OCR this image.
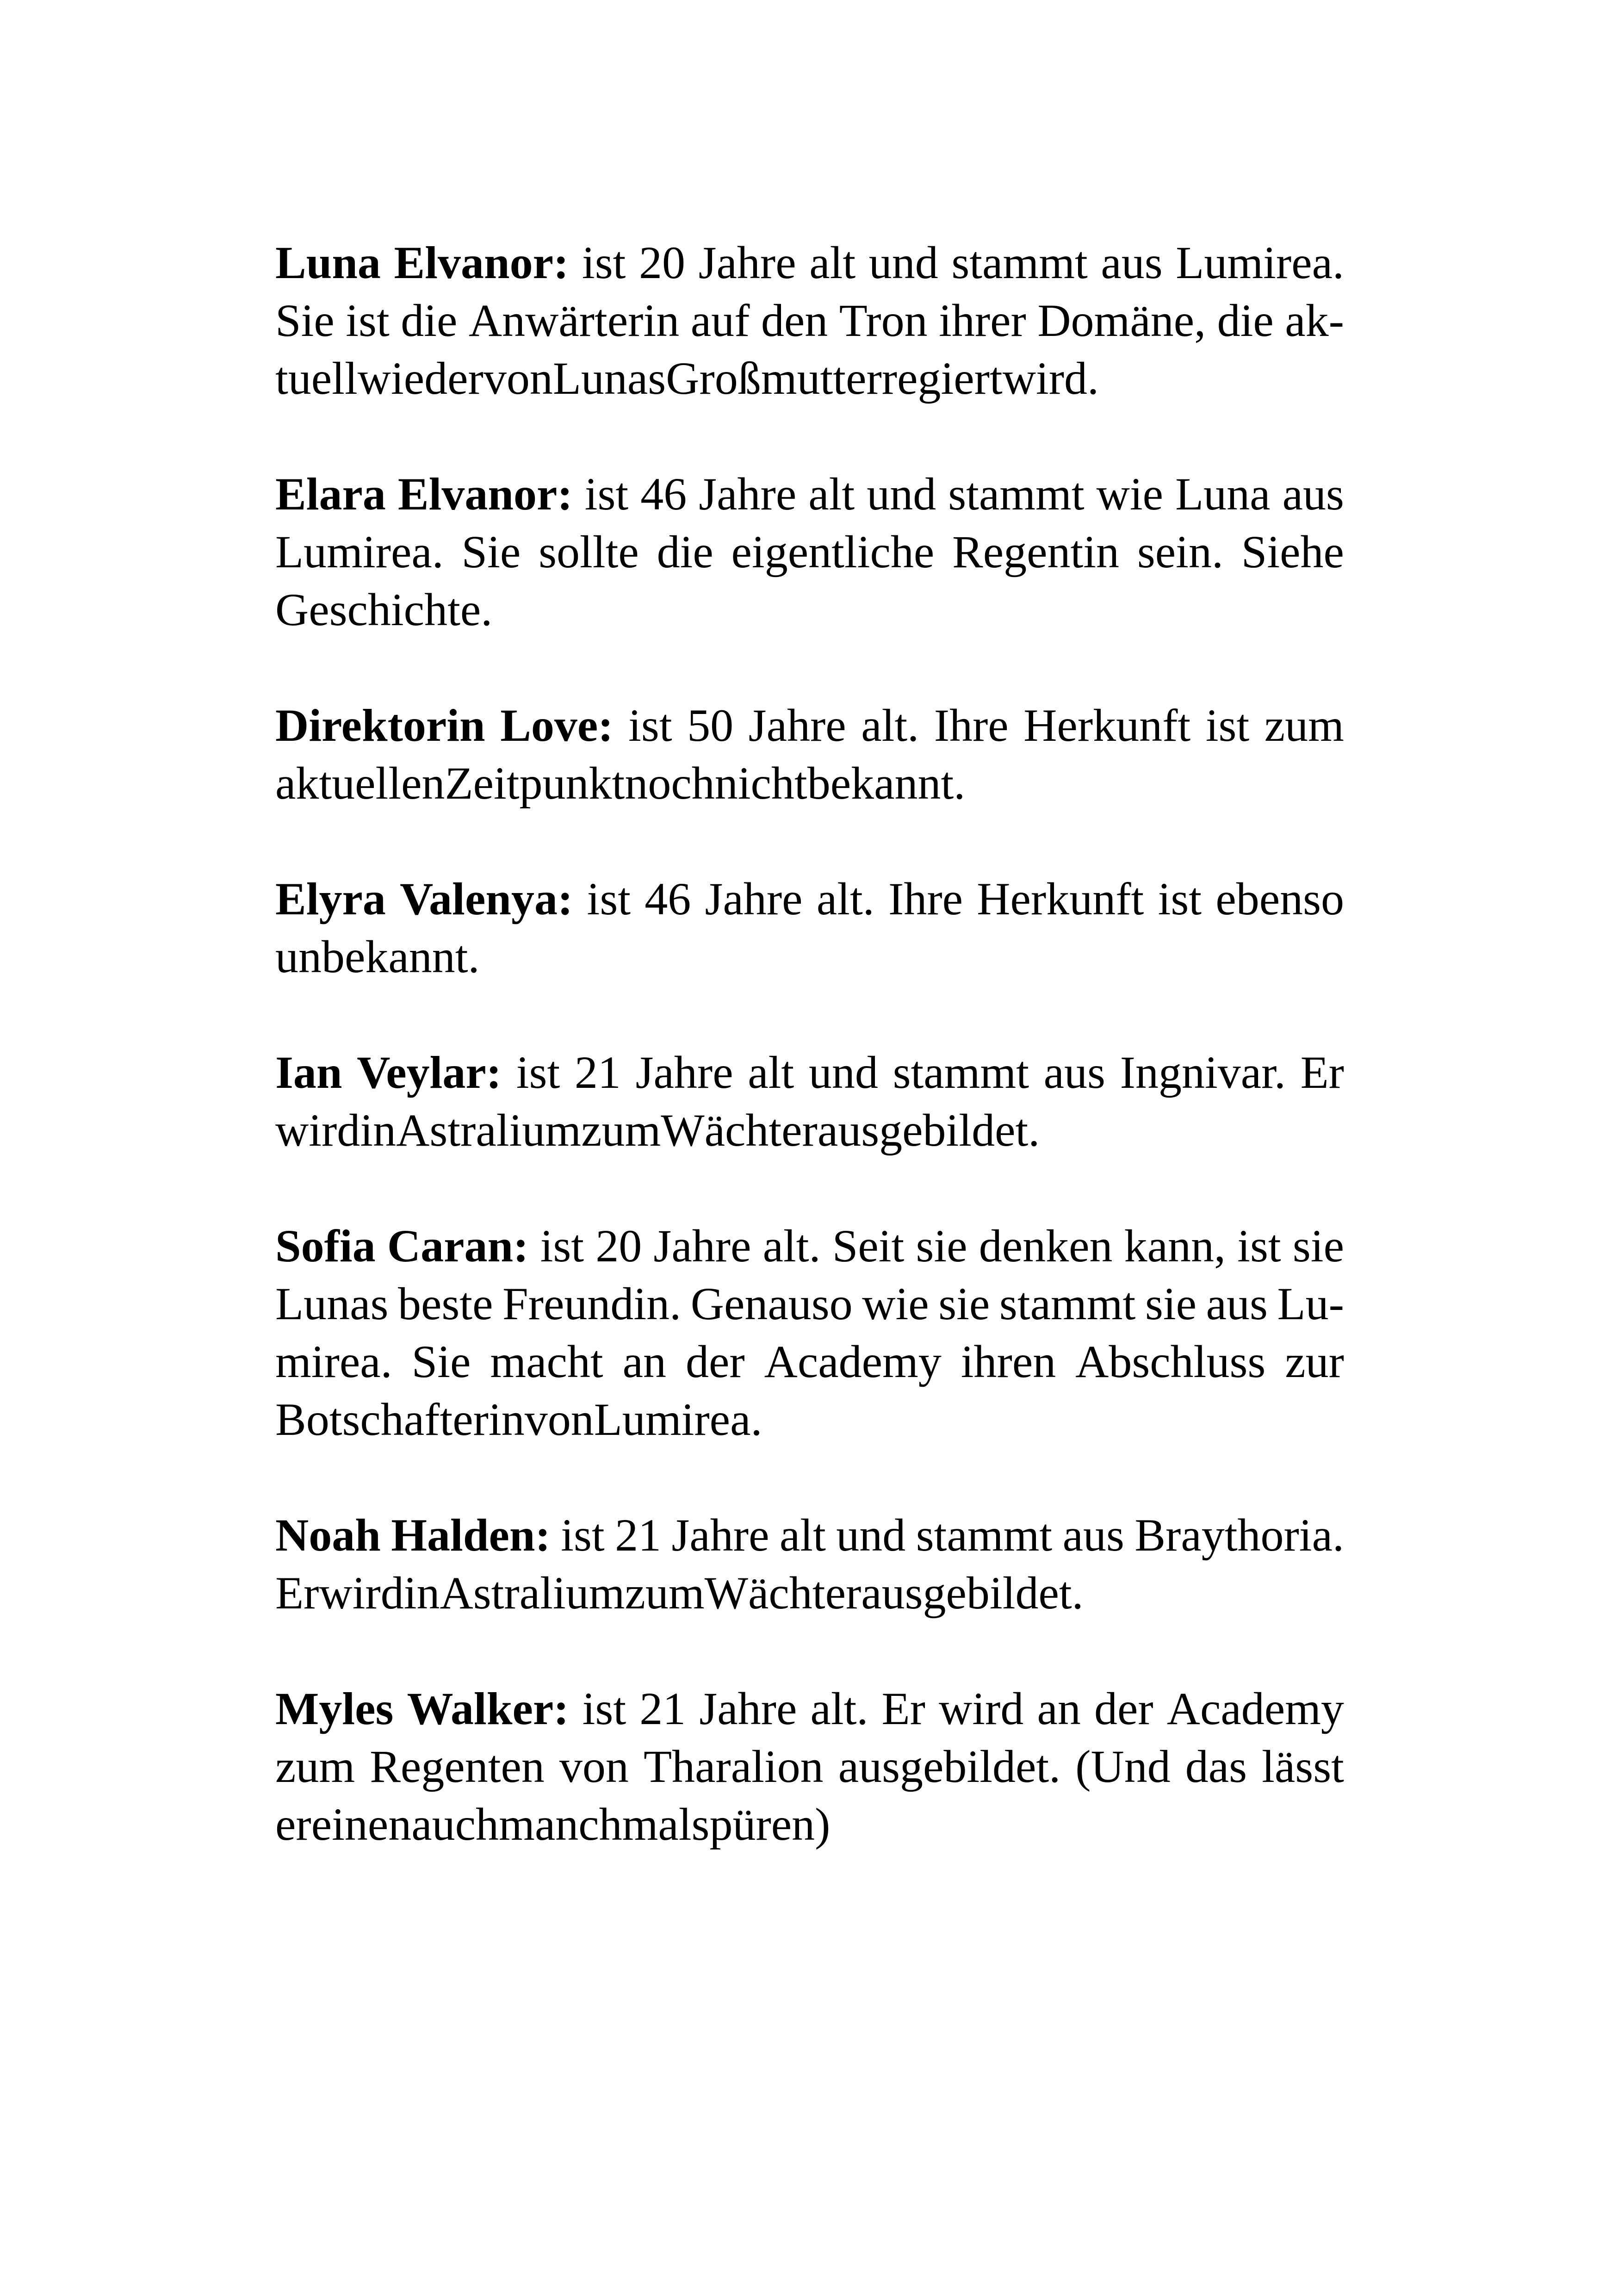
Luna Elvanor: ist 20 Jahre alt und stammt aus Lumirea.
Sie ist die Anwärterin auf den Tron ihrer Domäne, die ak-
tuell wieder von Lunas Großmutter regiert wird.
Elara Elvanor: ist 46 Jahre alt und stammt wie Luna aus
Lumirea. Sie sollte die eigentliche Regentin sein. Siehe
Geschichte.
Direktorin Love: ist 50 Jahre alt. Ihre Herkunft ist zum
aktuellen Zeitpunkt noch nicht bekannt.
Elyra Valenya: ist 46 Jahre alt. Ihre Herkunft ist ebenso
unbekannt.
Ian Veylar: ist 21 Jahre alt und stammt aus Ingnivar. Er
wird in Astralium zum Wächter ausgebildet.
Sofia Caran: ist 20 Jahre alt. Seit sie denken kann, ist sie
Lunas beste Freundin. Genauso wie sie stammt sie aus Lu-
mirea. Sie macht an der Academy ihren Abschluss zur
Botschafterin von Lumirea.
Noah Halden: ist 21 Jahre alt und stammt aus Braythoria.
Er wird in Astralium zum Wächter ausgebildet.
Myles Walker: ist 21 Jahre alt. Er wird an der Academy
zum Regenten von Tharalion ausgebildet. (Und das lässt
er einen auch manchmal spüren)
